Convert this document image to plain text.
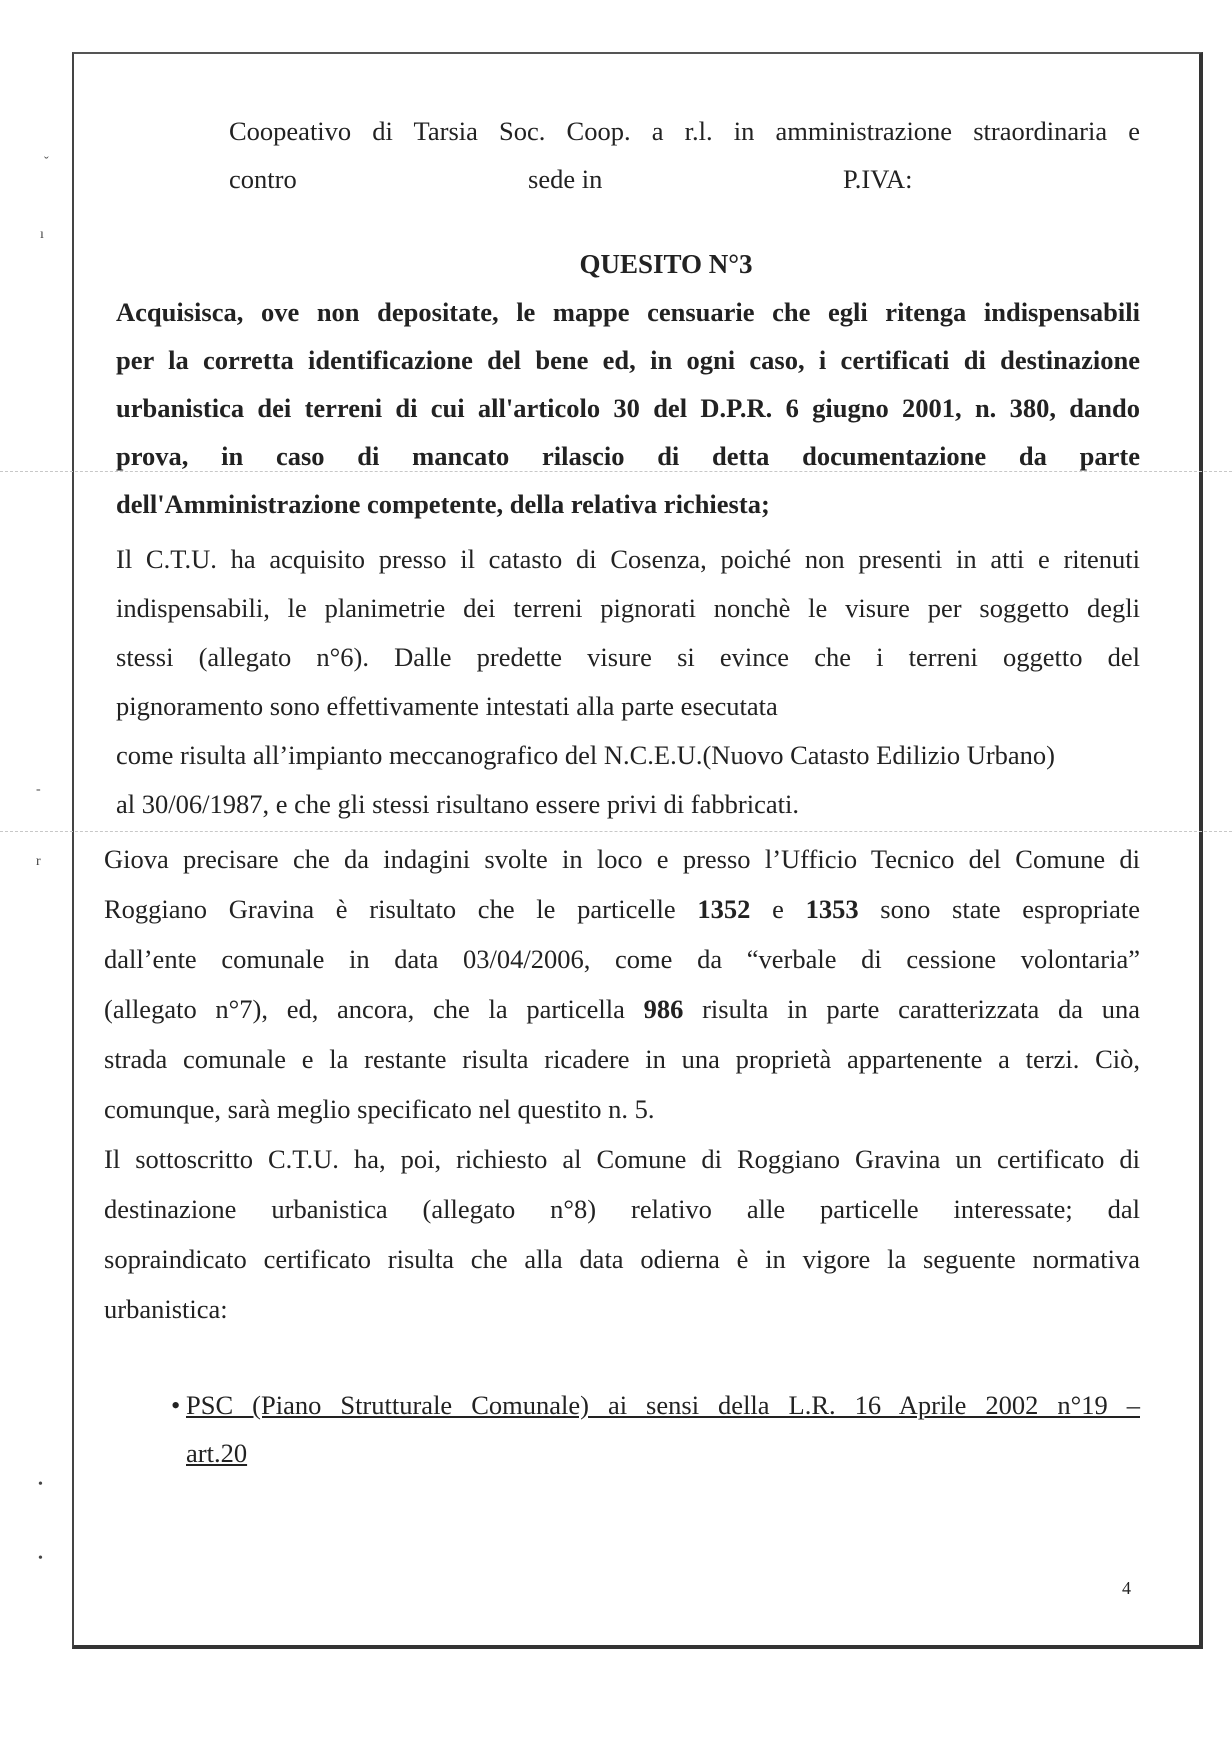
ˇ
ı
-
r
•
•
Coopeativo di Tarsia Soc. Coop. a r.l. in amministrazione straordinaria e
contro	sede in	P.IVA:
QUESITO N°3
Acquisisca, ove non depositate, le mappe censuarie che egli ritenga indispensabili
per la corretta identificazione del bene ed, in ogni caso, i certificati di destinazione
urbanistica dei terreni di cui all'articolo 30 del D.P.R. 6 giugno 2001, n. 380, dando
prova, in caso di mancato rilascio di detta documentazione da parte
dell'Amministrazione competente, della relativa richiesta;
Il C.T.U. ha acquisito presso il catasto di Cosenza, poiché non presenti in atti e ritenuti
indispensabili, le planimetrie dei terreni pignorati nonchè le visure per soggetto degli
stessi (allegato n°6). Dalle predette visure si evince che i terreni oggetto del
pignoramento sono effettivamente intestati alla parte esecutata
come risulta all’impianto meccanografico del N.C.E.U.(Nuovo Catasto Edilizio Urbano)
al 30/06/1987, e che gli stessi risultano essere privi di fabbricati.
Giova precisare che da indagini svolte in loco e presso l’Ufficio Tecnico del Comune di
Roggiano Gravina è risultato che le particelle 1352 e 1353 sono state espropriate
dall’ente comunale in data 03/04/2006, come da “verbale di cessione volontaria”
(allegato n°7), ed, ancora, che la particella 986 risulta in parte caratterizzata da una
strada comunale e la restante risulta ricadere in una proprietà appartenente a terzi. Ciò,
comunque, sarà meglio specificato nel questito n. 5.
Il sottoscritto C.T.U. ha, poi, richiesto al Comune di Roggiano Gravina un certificato di
destinazione urbanistica (allegato n°8) relativo alle particelle interessate; dal
sopraindicato certificato risulta che alla data odierna è in vigore la seguente normativa
urbanistica:
• PSC (Piano Strutturale Comunale) ai sensi della L.R. 16 Aprile 2002 n°19 –
art.20
4
